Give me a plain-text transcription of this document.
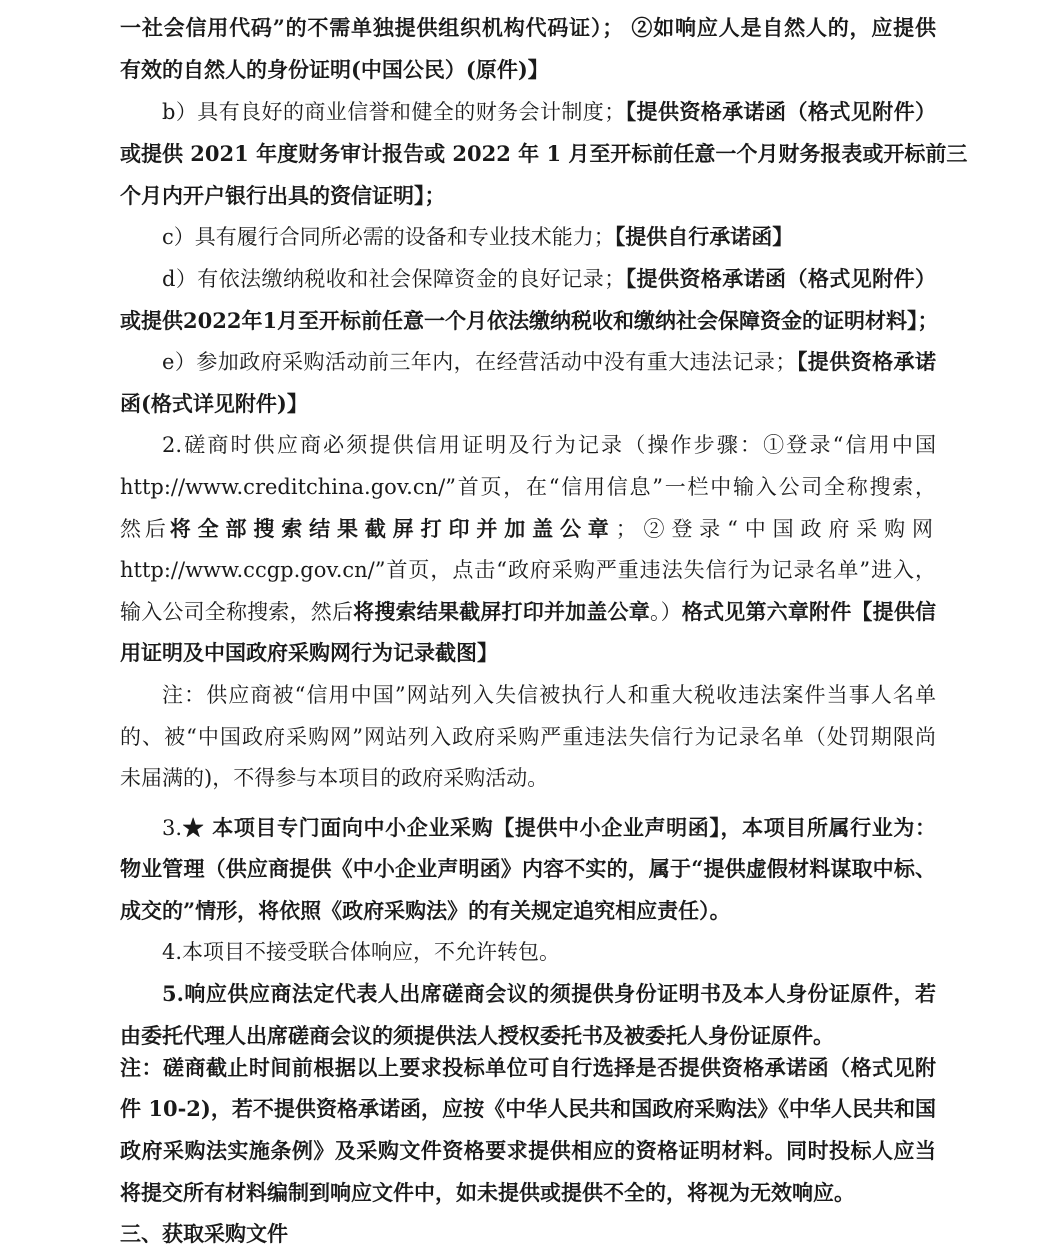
一社会信用代码”的不需单独提供组织机构代码证）； ②如响应人是自然人的，应提供
有效的自然人的身份证明(中国公民）(原件)】
b）具有良好的商业信誉和健全的财务会计制度；【提供资格承诺函（格式见附件）
或提供 2021 年度财务审计报告或 2022 年 1 月至开标前任意一个月财务报表或开标前三
个月内开户银行出具的资信证明】；
c）具有履行合同所必需的设备和专业技术能力；【提供自行承诺函】
d）有依法缴纳税收和社会保障资金的良好记录；【提供资格承诺函（格式见附件）
或提供2022年1月至开标前任意一个月依法缴纳税收和缴纳社会保障资金的证明材料】；
e）参加政府采购活动前三年内，在经营活动中没有重大违法记录；【提供资格承诺
函(格式详见附件)】
2.磋商时供应商必须提供信用证明及行为记录（操作步骤：①登录“信用中国
http://www.creditchina.gov.cn/”首页，在“信用信息”一栏中输入公司全称搜索，
然后将全部搜索结果截屏打印并加盖公章；②登录“中国政府采购网
http://www.ccgp.gov.cn/”首页，点击“政府采购严重违法失信行为记录名单”进入，
输入公司全称搜索，然后将搜索结果截屏打印并加盖公章。）格式见第六章附件【提供信
用证明及中国政府采购网行为记录截图】
注：供应商被“信用中国”网站列入失信被执行人和重大税收违法案件当事人名单
的、被“中国政府采购网”网站列入政府采购严重违法失信行为记录名单（处罚期限尚
未届满的)，不得参与本项目的政府采购活动。
3.★ 本项目专门面向中小企业采购【提供中小企业声明函】，本项目所属行业为：
物业管理（供应商提供《中小企业声明函》内容不实的，属于“提供虚假材料谋取中标、
成交的”情形，将依照《政府采购法》的有关规定追究相应责任）。
4.本项目不接受联合体响应，不允许转包。
5.响应供应商法定代表人出席磋商会议的须提供身份证明书及本人身份证原件，若
由委托代理人出席磋商会议的须提供法人授权委托书及被委托人身份证原件。
注：磋商截止时间前根据以上要求投标单位可自行选择是否提供资格承诺函（格式见附
件 10-2)，若不提供资格承诺函，应按《中华人民共和国政府采购法》《中华人民共和国
政府采购法实施条例》及采购文件资格要求提供相应的资格证明材料。同时投标人应当
将提交所有材料编制到响应文件中，如未提供或提供不全的，将视为无效响应。
三、获取采购文件
